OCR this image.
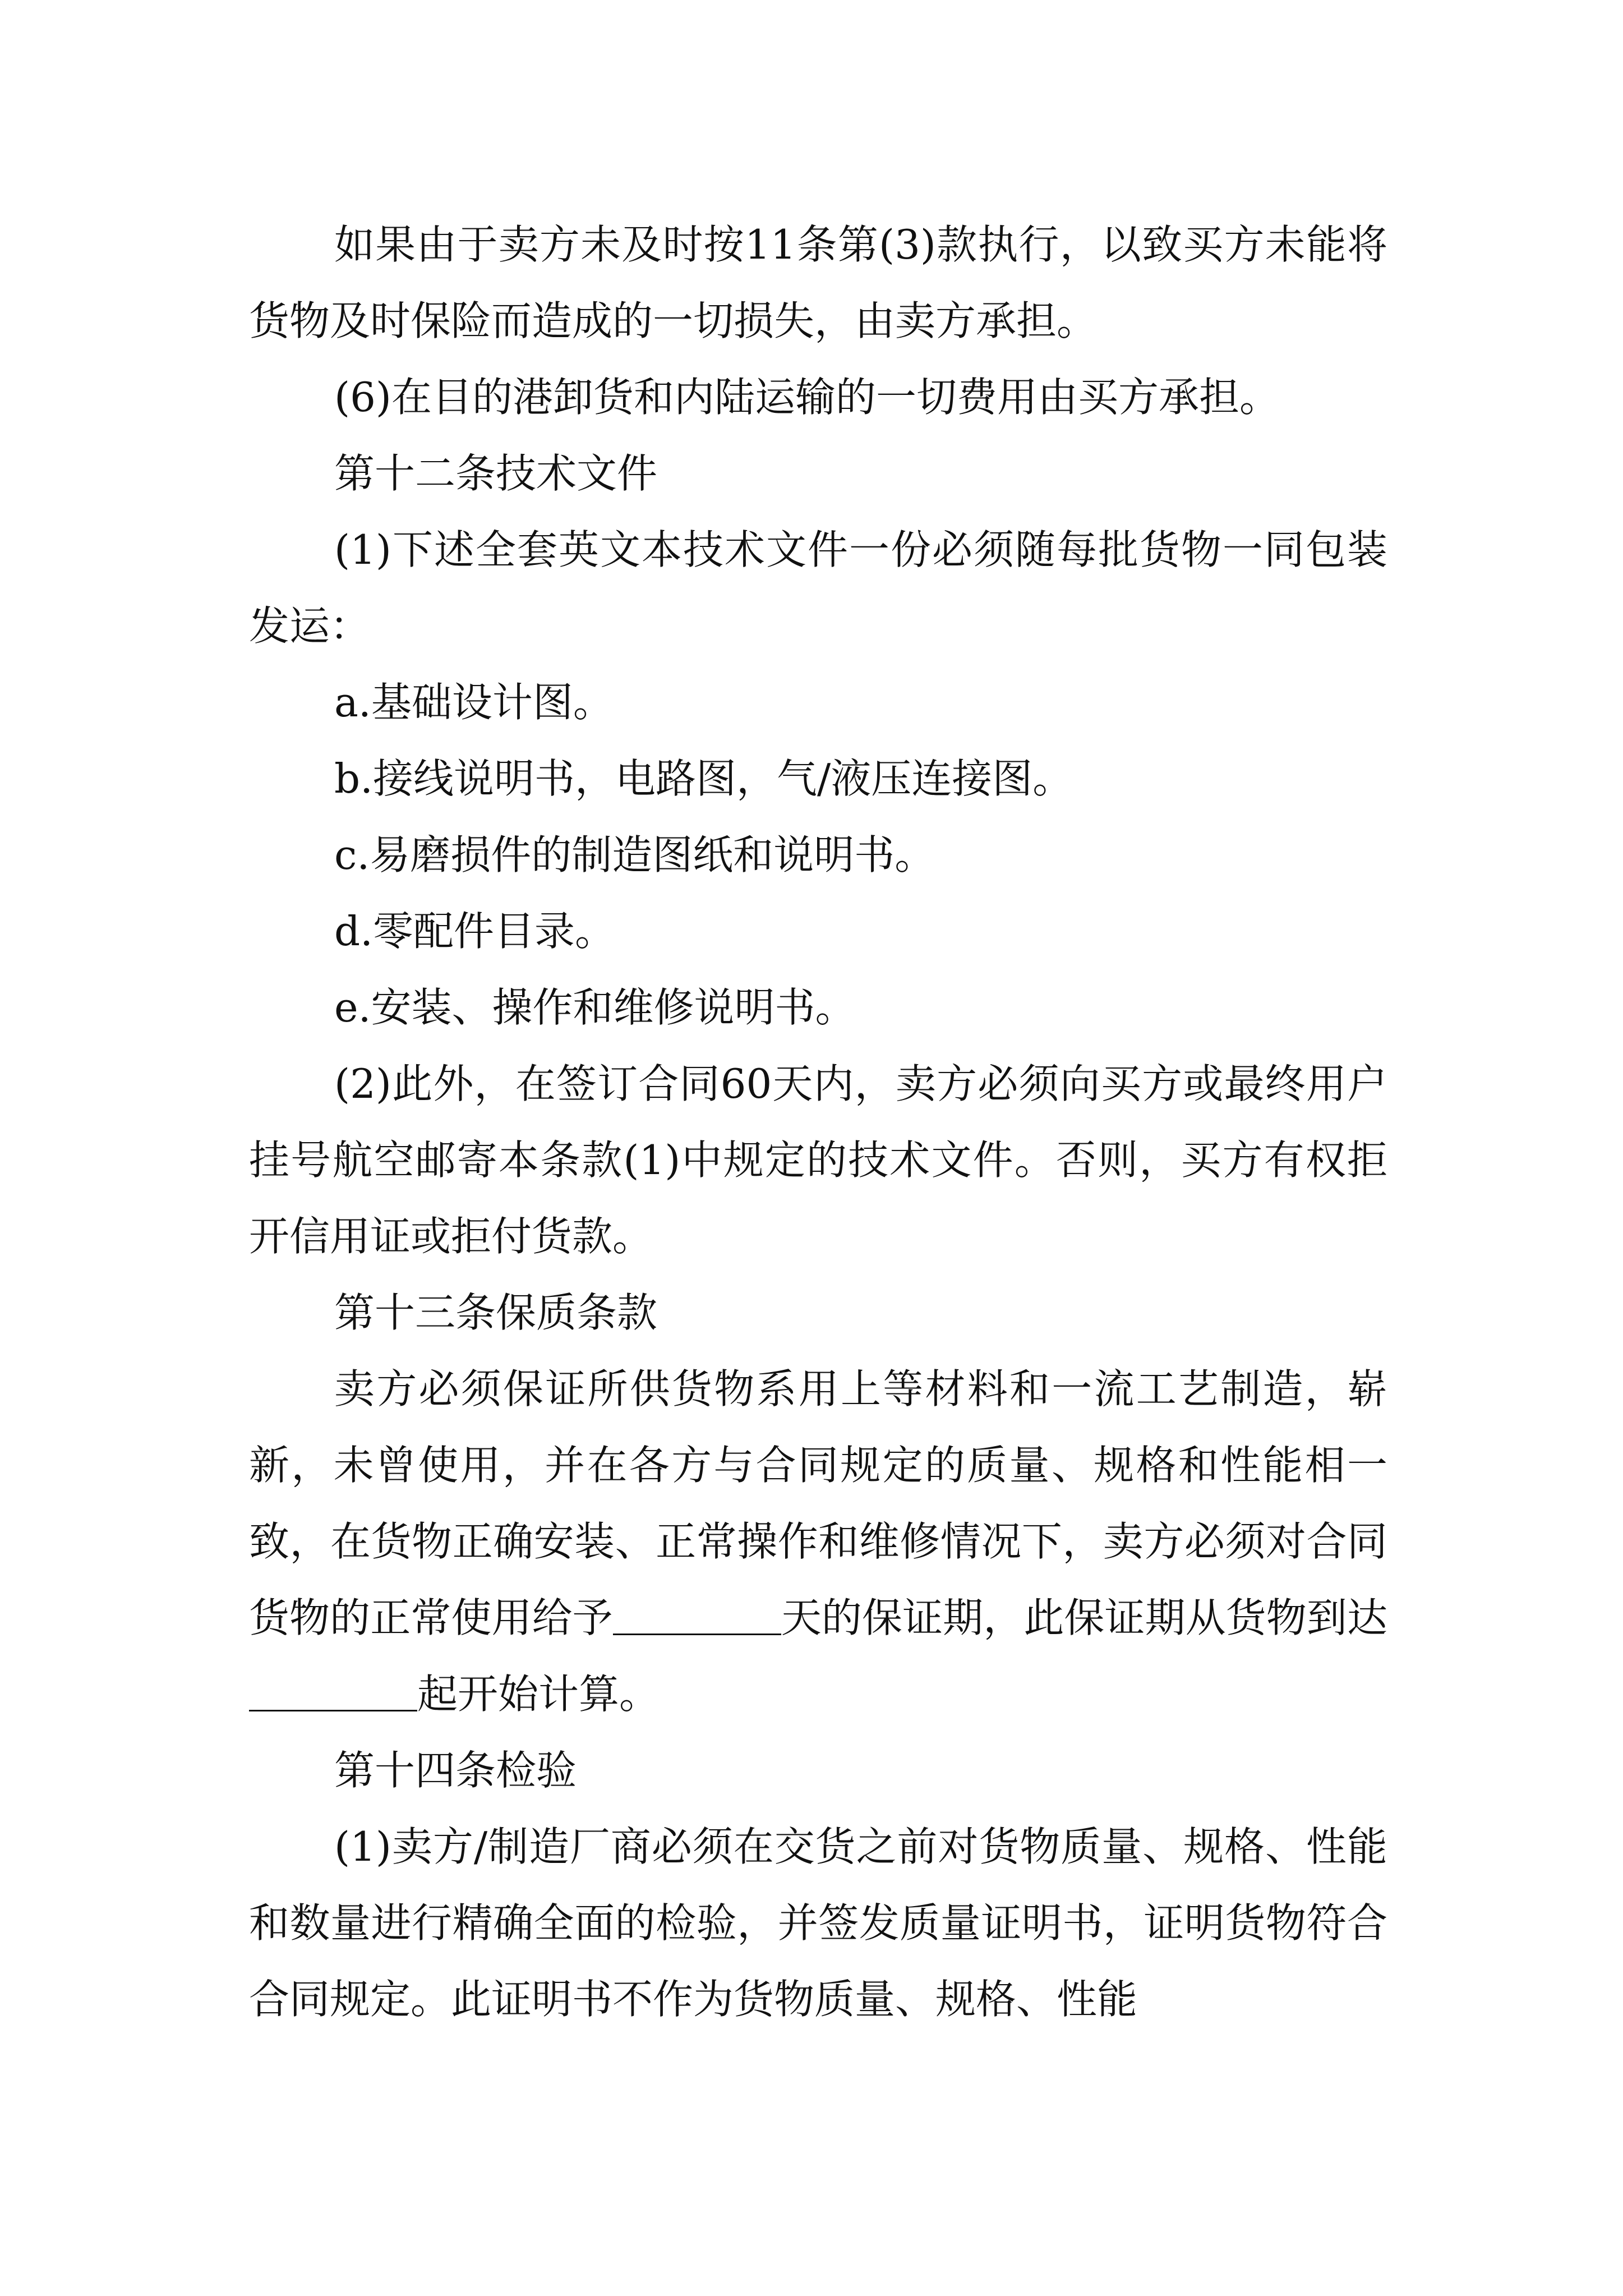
如果由于卖方未及时按11条第(3)款执行，以致买方未能将货物及时保险而造成的一切损失，由卖方承担。

(6)在目的港卸货和内陆运输的一切费用由买方承担。

第十二条技术文件

(1)下述全套英文本技术文件一份必须随每批货物一同包装发运：

a.基础设计图。

b.接线说明书，电路图，气/液压连接图。

c.易磨损件的制造图纸和说明书。

d.零配件目录。

e.安装、操作和维修说明书。

(2)此外，在签订合同60天内，卖方必须向买方或最终用户挂号航空邮寄本条款(1)中规定的技术文件。否则，买方有权拒开信用证或拒付货款。

第十三条保质条款

卖方必须保证所供货物系用上等材料和一流工艺制造，崭新，未曾使用，并在各方与合同规定的质量、规格和性能相一致，在货物正确安装、正常操作和维修情况下，卖方必须对合同货物的正常使用给予	天的保证期，此保证期从货物到达起开始计算。

第十四条检验

(1)卖方/制造厂商必须在交货之前对货物质量、规格、性能和数量进行精确全面的检验，并签发质量证明书，证明货物符合合同规定。此证明书不作为货物质量、规格、性能
